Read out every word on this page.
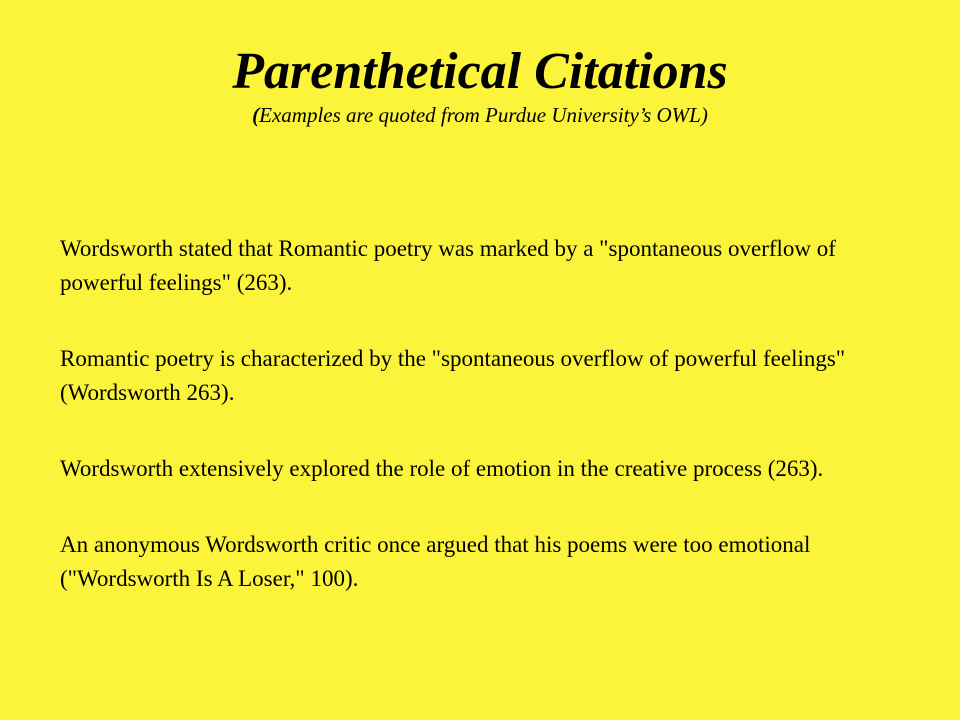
Parenthetical Citations

(Examples are quoted from Purdue University’s OWL)

Wordsworth stated that Romantic poetry was marked by a "spontaneous overflow of powerful feelings" (263).

Romantic poetry is characterized by the "spontaneous overflow of powerful feelings" (Wordsworth 263).

Wordsworth extensively explored the role of emotion in the creative process (263).

An anonymous Wordsworth critic once argued that his poems were too emotional ("Wordsworth Is A Loser," 100).
